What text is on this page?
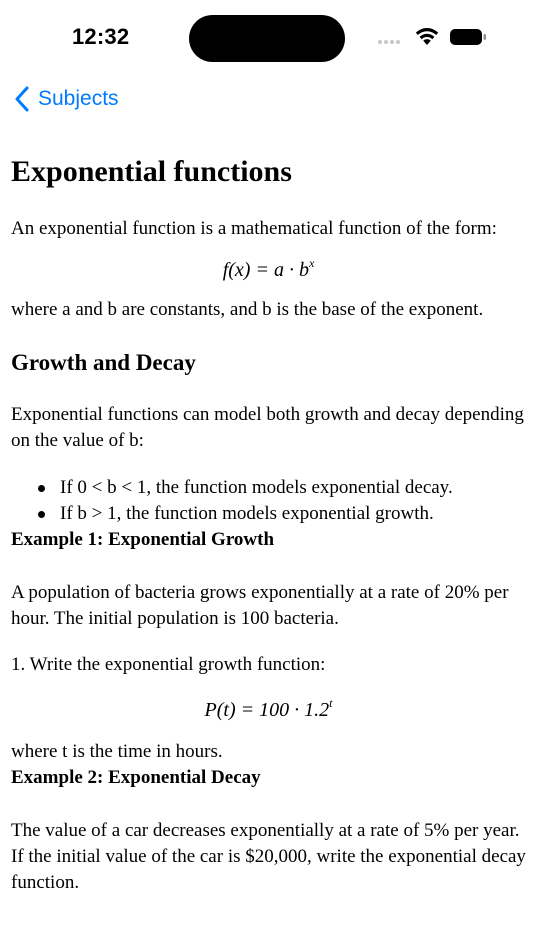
12:32
Subjects
Exponential functions

An exponential function is a mathematical function of the form:

$f(x) = a \cdot b^x$

where a and b are constants, and b is the base of the exponent.

Growth and Decay

Exponential functions can model both growth and decay depending on the value of b:

If 0 < b < 1, the function models exponential decay.
If b > 1, the function models exponential growth.
Example 1: Exponential Growth

A population of bacteria grows exponentially at a rate of 20% per hour. The initial population is 100 bacteria.

1. Write the exponential growth function:

$P(t) = 100 \cdot 1.2^t$

where t is the time in hours.

Example 2: Exponential Decay

The value of a car decreases exponentially at a rate of 5% per year. If the initial value of the car is $20,000, write the exponential decay function.
